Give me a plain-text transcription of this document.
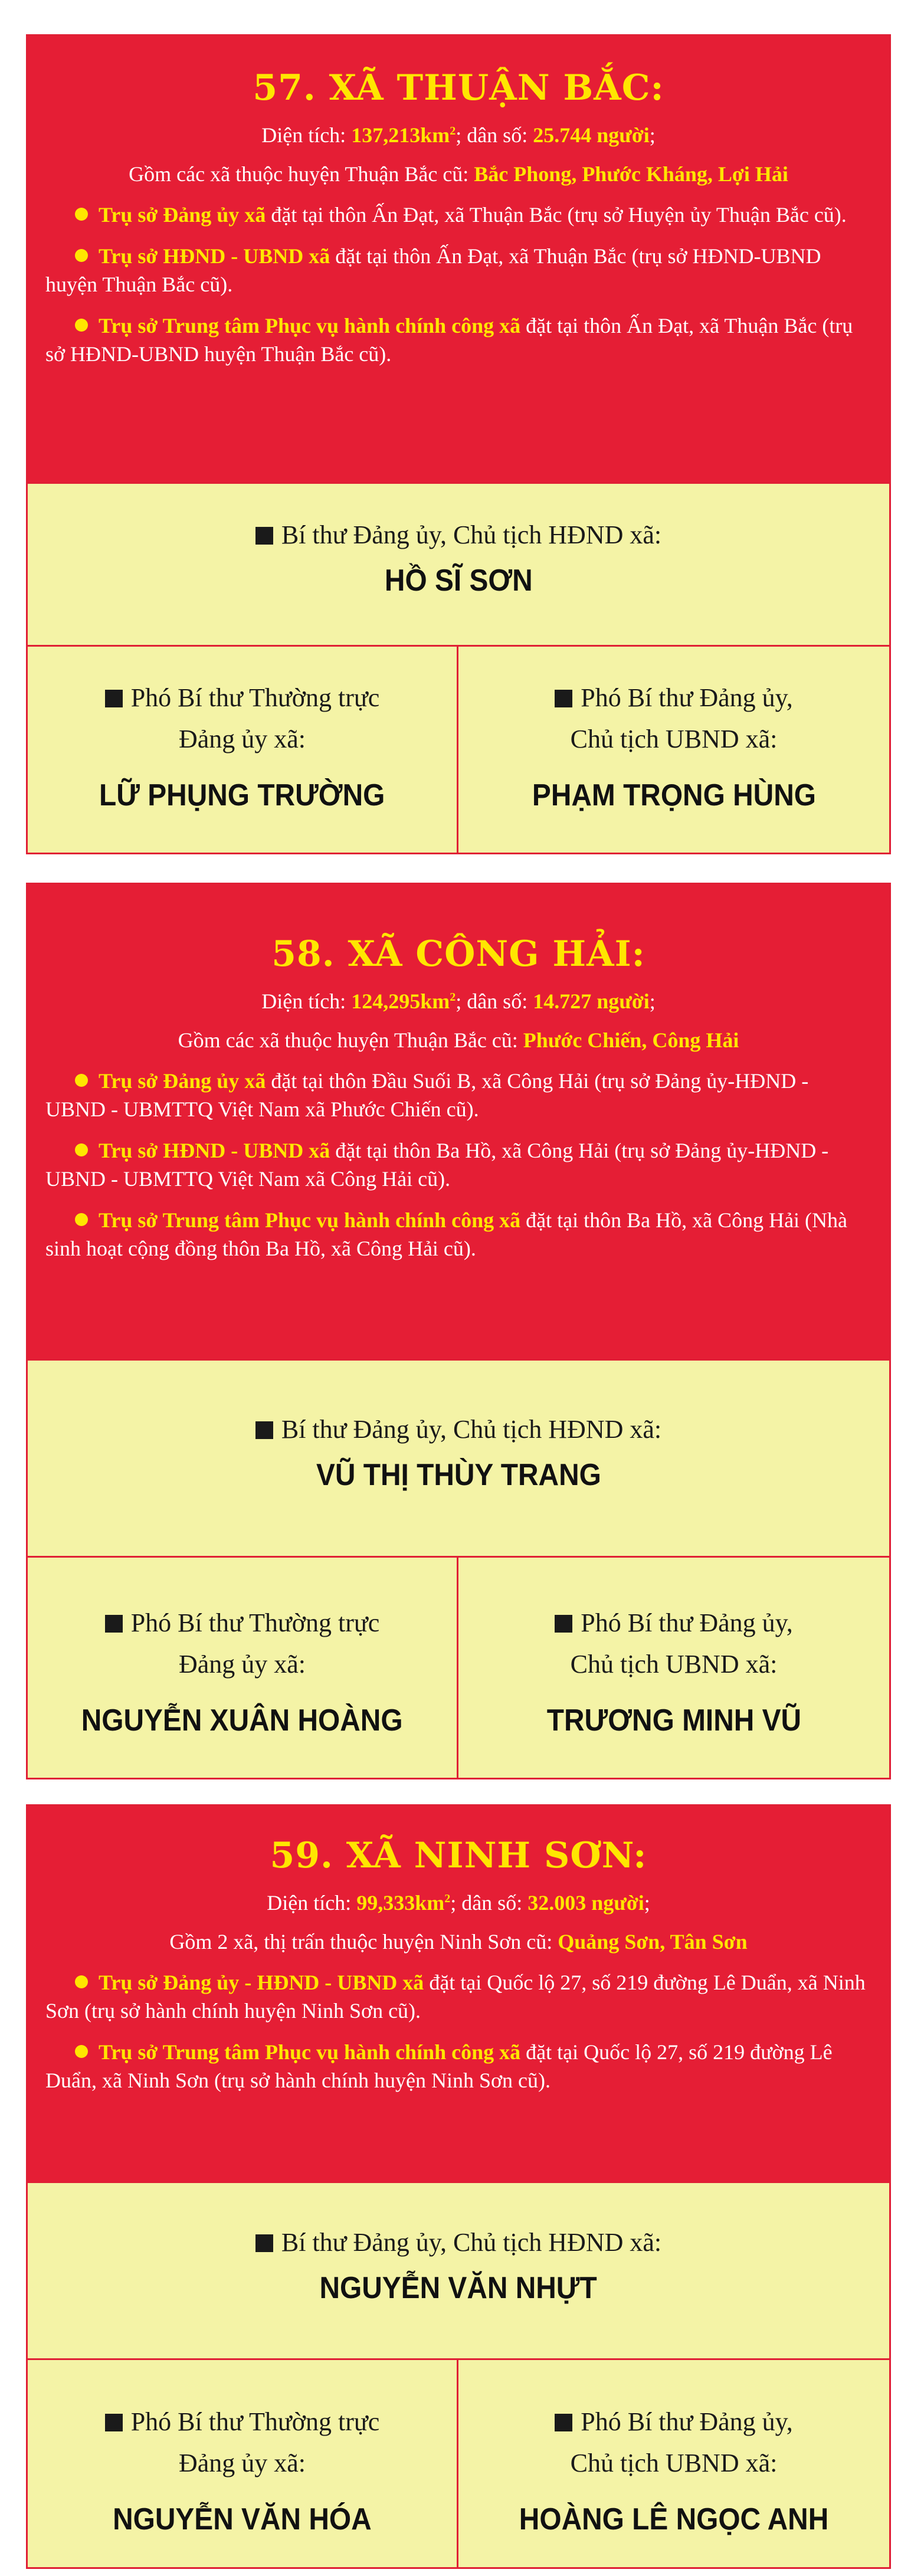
57. XÃ THUẬN BẮC:
Diện tích: $137,213km^2$; dân số: 25.744 người;
Gồm các xã thuộc huyện Thuận Bắc cũ: Bắc Phong, Phước Kháng, Lợi Hải
Trụ sở Đảng ủy xã đặt tại thôn Ấn Đạt, xã Thuận Bắc (trụ sở Huyện ủy Thuận Bắc cũ).
Trụ sở HĐND - UBND xã đặt tại thôn Ấn Đạt, xã Thuận Bắc (trụ sở HĐND-UBND huyện Thuận Bắc cũ).
Trụ sở Trung tâm Phục vụ hành chính công xã đặt tại thôn Ấn Đạt, xã Thuận Bắc (trụ sở HĐND-UBND huyện Thuận Bắc cũ).
Bí thư Đảng ủy, Chủ tịch HĐND xã:
HỒ SĨ SƠN
Phó Bí thư Thường trực
Đảng ủy xã:
LỮ PHỤNG TRƯỜNG
Phó Bí thư Đảng ủy,
Chủ tịch UBND xã:
PHẠM TRỌNG HÙNG
58. XÃ CÔNG HẢI:
Diện tích: $124,295km^2$; dân số: 14.727 người;
Gồm các xã thuộc huyện Thuận Bắc cũ: Phước Chiến, Công Hải
Trụ sở Đảng ủy xã đặt tại thôn Đầu Suối B, xã Công Hải (trụ sở Đảng ủy-HĐND - UBND - UBMTTQ Việt Nam xã Phước Chiến cũ).
Trụ sở HĐND - UBND xã đặt tại thôn Ba Hồ, xã Công Hải (trụ sở Đảng ủy-HĐND - UBND - UBMTTQ Việt Nam xã Công Hải cũ).
Trụ sở Trung tâm Phục vụ hành chính công xã đặt tại thôn Ba Hồ, xã Công Hải (Nhà sinh hoạt cộng đồng thôn Ba Hồ, xã Công Hải cũ).
Bí thư Đảng ủy, Chủ tịch HĐND xã:
VŨ THỊ THÙY TRANG
Phó Bí thư Thường trực
Đảng ủy xã:
NGUYỄN XUÂN HOÀNG
Phó Bí thư Đảng ủy,
Chủ tịch UBND xã:
TRƯƠNG MINH VŨ
59. XÃ NINH SƠN:
Diện tích: $99,333km^2$; dân số: 32.003 người;
Gồm 2 xã, thị trấn thuộc huyện Ninh Sơn cũ: Quảng Sơn, Tân Sơn
Trụ sở Đảng ủy - HĐND - UBND xã đặt tại Quốc lộ 27, số 219 đường Lê Duẩn, xã Ninh Sơn (trụ sở hành chính huyện Ninh Sơn cũ).
Trụ sở Trung tâm Phục vụ hành chính công xã đặt tại Quốc lộ 27, số 219 đường Lê Duẩn, xã Ninh Sơn (trụ sở hành chính huyện Ninh Sơn cũ).
Bí thư Đảng ủy, Chủ tịch HĐND xã:
NGUYỄN VĂN NHỰT
Phó Bí thư Thường trực
Đảng ủy xã:
NGUYỄN VĂN HÓA
Phó Bí thư Đảng ủy,
Chủ tịch UBND xã:
HOÀNG LÊ NGỌC ANH
